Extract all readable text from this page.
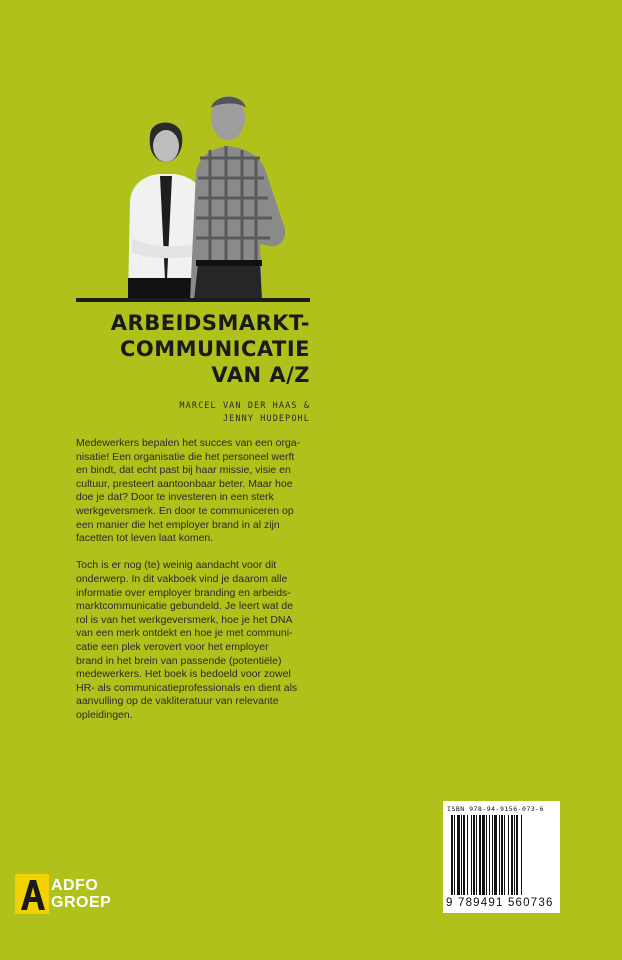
ARBEIDSMARKT-
COMMUNICATIE
VAN A/Z
MARCEL VAN DER HAAS &
JENNY HUDEPOHL
Medewerkers bepalen het succes van een orga-
nisatie! Een organisatie die het personeel werft
en bindt, dat echt past bij haar missie, visie en
cultuur, presteert aantoonbaar beter. Maar hoe
doe je dat? Door te investeren in een sterk
werkgeversmerk. En door te communiceren op
een manier die het employer brand in al zijn
facetten tot leven laat komen.
Toch is er nog (te) weinig aandacht voor dit
onderwerp. In dit vakboek vind je daarom alle
informatie over employer branding en arbeids-
marktcommunicatie gebundeld. Je leert wat de
rol is van het werkgeversmerk, hoe je het DNA
van een merk ontdekt en hoe je met communi-
catie een plek verovert voor het employer
brand in het brein van passende (potentiële)
medewerkers. Het boek is bedoeld voor zowel
HR- als communicatieprofessionals en dient als
aanvulling op de vakliteratuur van relevante
opleidingen.
ISBN 978-94-9156-073-6
9 789491 560736
ADFO
GROEP
